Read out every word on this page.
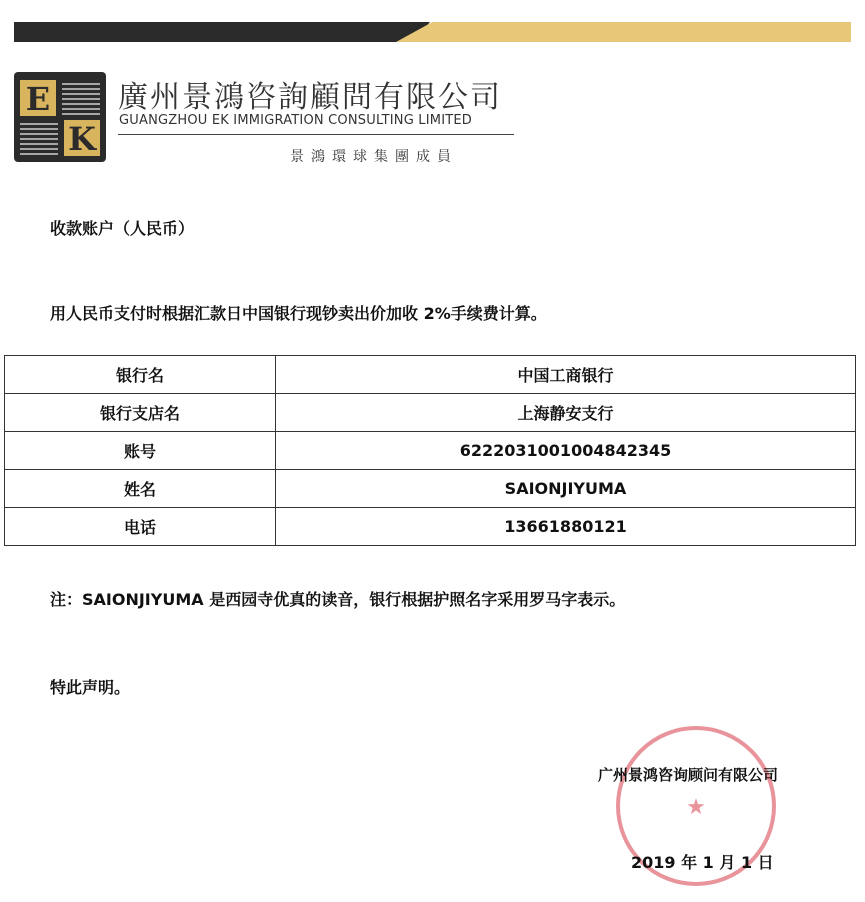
E
K
廣州景鴻咨詢顧問有限公司
GUANGZHOU EK IMMIGRATION CONSULTING LIMITED
景鴻環球集團成員
收款账户（人民币）
用人民币支付时根据汇款日中国银行现钞卖出价加收 2%手续费计算。
银行名	中国工商银行
银行支店名	上海静安支行
账号	6222031001004842345
姓名	SAIONJIYUMA
电话	13661880121
注：SAIONJIYUMA 是西园寺优真的读音，银行根据护照名字采用罗马字表示。
特此声明。
★
广州景鸿咨询顾问有限公司
2019 年 1 月 1 日
